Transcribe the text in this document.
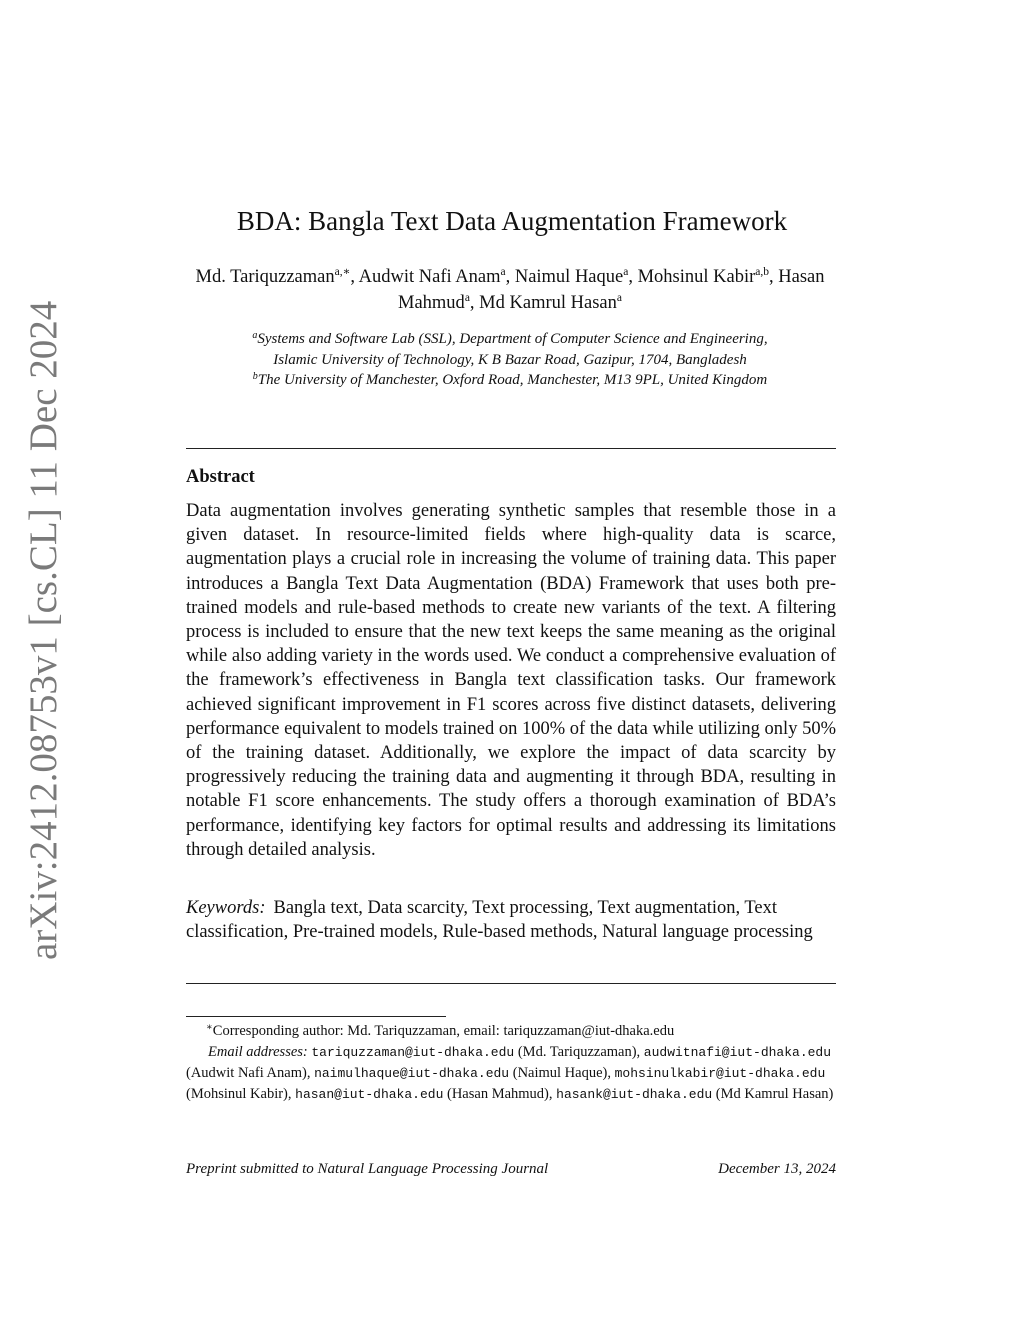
arXiv:2412.08753v1 [cs.CL] 11 Dec 2024
BDA: Bangla Text Data Augmentation Framework
Md. Tariquzzaman$^{a,∗}$, Audwit Nafi Anam$^a$, Naimul Haque$^a$, Mohsinul Kabir$^{a,b}$, Hasan Mahmud$^a$, Md Kamrul Hasan$^a$
$^a$Systems and Software Lab (SSL), Department of Computer Science and Engineering,
Islamic University of Technology, K B Bazar Road, Gazipur, 1704, Bangladesh
$^b$The University of Manchester, Oxford Road, Manchester, M13 9PL, United Kingdom
Abstract

Data augmentation involves generating synthetic samples that resemble those in a given dataset. In resource-limited fields where high-quality data is scarce, augmentation plays a crucial role in increasing the volume of training data. This paper introduces a Bangla Text Data Augmentation (BDA) Framework that uses both pre-trained models and rule-based methods to create new variants of the text. A filtering process is included to ensure that the new text keeps the same meaning as the original while also adding variety in the words used. We conduct a comprehensive evaluation of the framework’s effectiveness in Bangla text classification tasks. Our framework achieved significant improvement in F1 scores across five distinct datasets, delivering performance equivalent to models trained on 100% of the data while utilizing only 50% of the training dataset. Additionally, we explore the impact of data scarcity by progressively reducing the training data and augmenting it through BDA, resulting in notable F1 score enhancements. The study offers a thorough examination of BDA’s performance, identifying key factors for optimal results and addressing its limitations through detailed analysis.

Keywords: Bangla text, Data scarcity, Text processing, Text augmentation, Text classification, Pre-trained models, Rule-based methods, Natural language processing

∗Corresponding author: Md. Tariquzzaman, email: tariquzzaman@iut-dhaka.edu

Email addresses: tariquzzaman@iut-dhaka.edu (Md. Tariquzzaman), audwitnafi@iut-dhaka.edu (Audwit Nafi Anam), naimulhaque@iut-dhaka.edu (Naimul Haque), mohsinulkabir@iut-dhaka.edu (Mohsinul Kabir), hasan@iut-dhaka.edu (Hasan Mahmud), hasank@iut-dhaka.edu (Md Kamrul Hasan)

Preprint submitted to Natural Language Processing Journal	December 13, 2024
